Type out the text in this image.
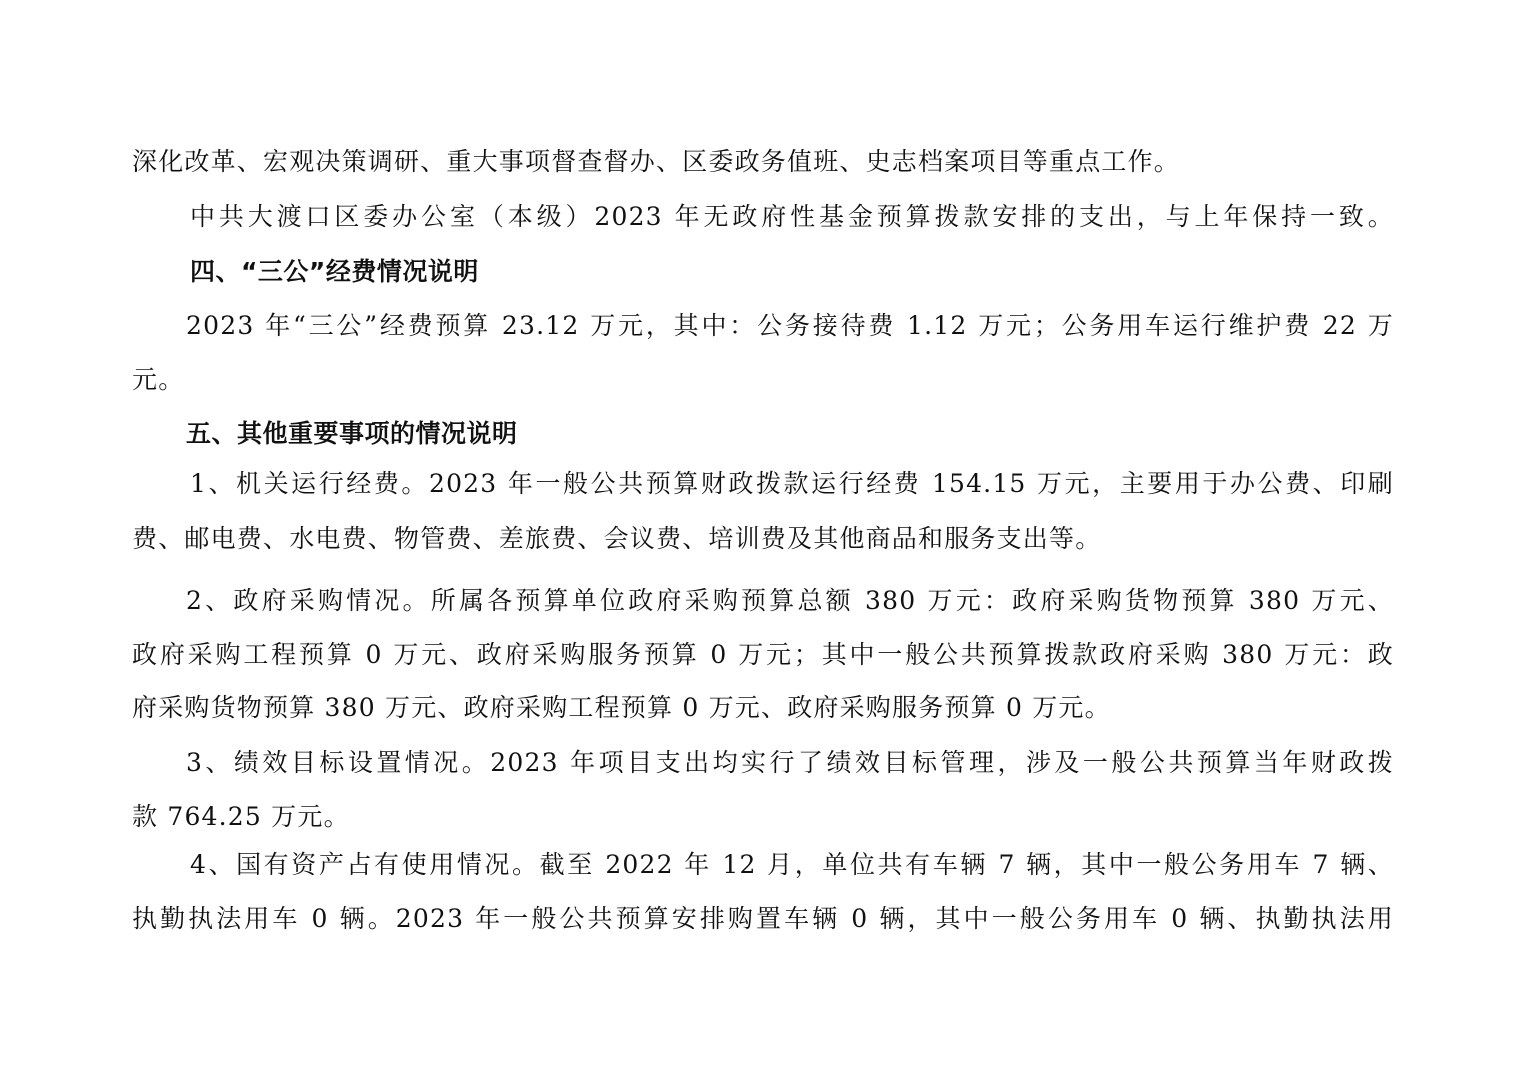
深化改革、宏观决策调研、重大事项督查督办、区委政务值班、史志档案项目等重点工作。
中共大渡口区委办公室（本级）2023 年无政府性基金预算拨款安排的支出，与上年保持一致。
四、“三公”经费情况说明
2023 年“三公”经费预算 23.12 万元，其中：公务接待费 1.12 万元；公务用车运行维护费 22 万
元。
五、其他重要事项的情况说明
1、机关运行经费。2023 年一般公共预算财政拨款运行经费 154.15 万元，主要用于办公费、印刷
费、邮电费、水电费、物管费、差旅费、会议费、培训费及其他商品和服务支出等。
2、政府采购情况。所属各预算单位政府采购预算总额 380 万元：政府采购货物预算 380 万元、
政府采购工程预算 0 万元、政府采购服务预算 0 万元；其中一般公共预算拨款政府采购 380 万元：政
府采购货物预算 380 万元、政府采购工程预算 0 万元、政府采购服务预算 0 万元。
3、绩效目标设置情况。2023 年项目支出均实行了绩效目标管理，涉及一般公共预算当年财政拨
款 764.25 万元。
4、国有资产占有使用情况。截至 2022 年 12 月，单位共有车辆 7 辆，其中一般公务用车 7 辆、
执勤执法用车 0 辆。2023 年一般公共预算安排购置车辆 0 辆，其中一般公务用车 0 辆、执勤执法用
